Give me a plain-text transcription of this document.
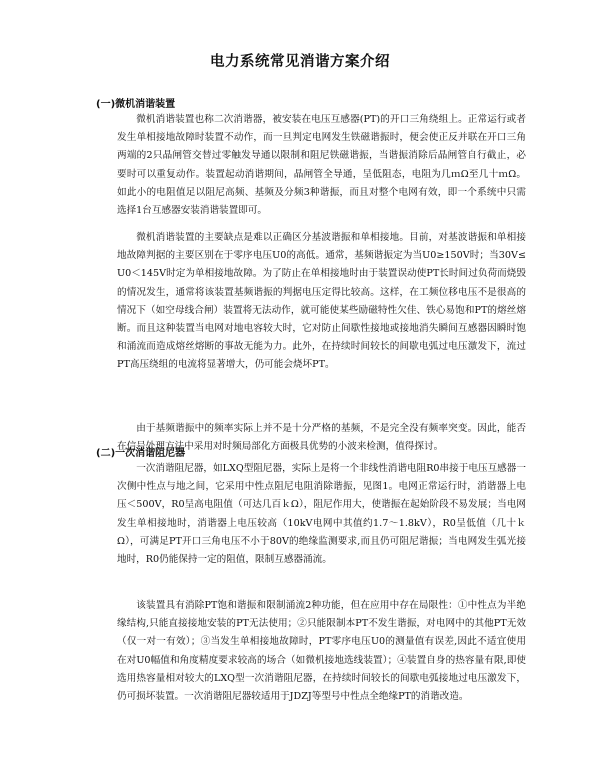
电力系统常见消谐方案介绍
(一)微机消谐装置

微机消谐装置也称二次消谐器，被安装在电压互感器(PT)的开口三角绕组上。正常运行或者发生单相接地故障时装置不动作，而一旦判定电网发生铁磁谐振时，便会使正反并联在开口三角两端的2只晶闸管交替过零触发导通以限制和阻尼铁磁谐振，当谐振消除后晶闸管自行截止，必要时可以重复动作。装置起动消谐期间，晶闸管全导通，呈低阻态，电阻为几ｍΩ至几十ｍΩ。如此小的电阻值足以阻尼高频、基频及分频3种谐振，而且对整个电网有效，即一个系统中只需选择1台互感器安装消谐装置即可。

微机消谐装置的主要缺点是难以正确区分基波谐振和单相接地。目前，对基波谐振和单相接地故障判据的主要区别在于零序电压U0的高低。通常，基频谐振定为当U0≥150V时；当30V≤U0＜145V时定为单相接地故障。为了防止在单相接地时由于装置误动使PT长时间过负荷而烧毁的情况发生，通常将该装置基频谐振的判据电压定得比较高。这样，在工频位移电压不是很高的情况下（如空母线合闸）装置将无法动作，就可能使某些励磁特性欠佳、铁心易饱和PT的熔丝熔断。而且这种装置当电网对地电容较大时，它对防止间歇性接地或接地消失瞬间互感器因瞬时饱和涌流而造成熔丝熔断的事故无能为力。此外，在持续时间较长的间歇电弧过电压激发下，流过PT高压绕组的电流将显著增大，仍可能会烧坏PT。

由于基频谐振中的频率实际上并不是十分严格的基频，不是完全没有频率突变。因此，能否在信号处理方法中采用对时频局部化方面极具优势的小波来检测，值得探讨。

(二)一次消谐阻尼器

一次消谐阻尼器，如LXQ型阻尼器，实际上是将一个非线性消谐电阻R0串接于电压互感器一次侧中性点与地之间，它采用中性点阻尼电阻消除谐振，见图1。电网正常运行时，消谐器上电压＜500V，R0呈高电阻值（可达几百ｋΩ），阻尼作用大，使谐振在起始阶段不易发展；当电网发生单相接地时，消谐器上电压较高（10kV电网中其值约1.7～1.8kV），R0呈低值（几十ｋΩ），可满足PT开口三角电压不小于80V的绝缘监测要求,而且仍可阻尼谐振；当电网发生弧光接地时，R0仍能保持一定的阻值，限制互感器涌流。

该装置具有消除PT饱和谐振和限制涌流2种功能，但在应用中存在局限性：①中性点为半绝缘结构,只能直接接地安装的PT无法使用；②只能限制本PT不发生谐振，对电网中的其他PT无效（仅一对一有效）；③当发生单相接地故障时，PT零序电压U0的测量值有误差,因此不适宜使用在对U0幅值和角度精度要求较高的场合（如微机接地选线装置）；④装置自身的热容量有限,即使选用热容量相对较大的LXQ型一次消谐阻尼器，在持续时间较长的间歇电弧接地过电压激发下，仍可损坏装置。一次消谐阻尼器较适用于JDZJ等型号中性点全绝缘PT的消谐改造。
